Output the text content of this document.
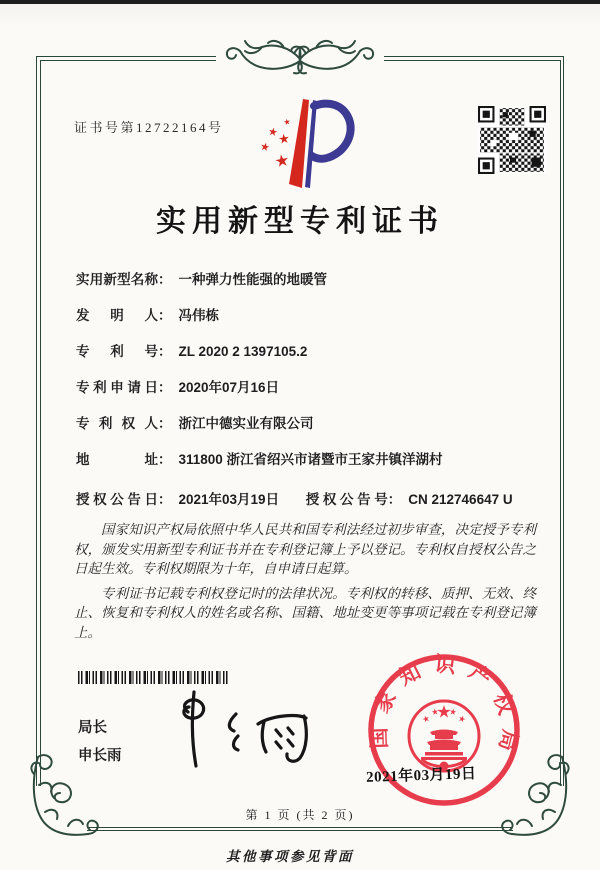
证书号第12722164号
实用新型专利证书
实用新型名称： 一种弹力性能强的地暖管
发明人： 冯伟栋
专利号： ZL 2020 2 1397105.2
专利申请日： 2020年07月16日
专利权人： 浙江中德实业有限公司
地址： 311800 浙江省绍兴市诸暨市王家井镇洋湖村
授权公告日： 2021年03月19日 授权公告号： CN 212746647 U

国家知识产权局依照中华人民共和国专利法经过初步审查，决定授予专利权，颁发实用新型专利证书并在专利登记簿上予以登记。专利权自授权公告之日起生效。专利权期限为十年，自申请日起算。

专利证书记载专利权登记时的法律状况。专利权的转移、质押、无效、终止、恢复和专利权人的姓名或名称、国籍、地址变更等事项记载在专利登记簿上。

局长
申长雨
国家知识产权局
2021年03月19日
第 1 页 (共 2 页)
其他事项参见背面
